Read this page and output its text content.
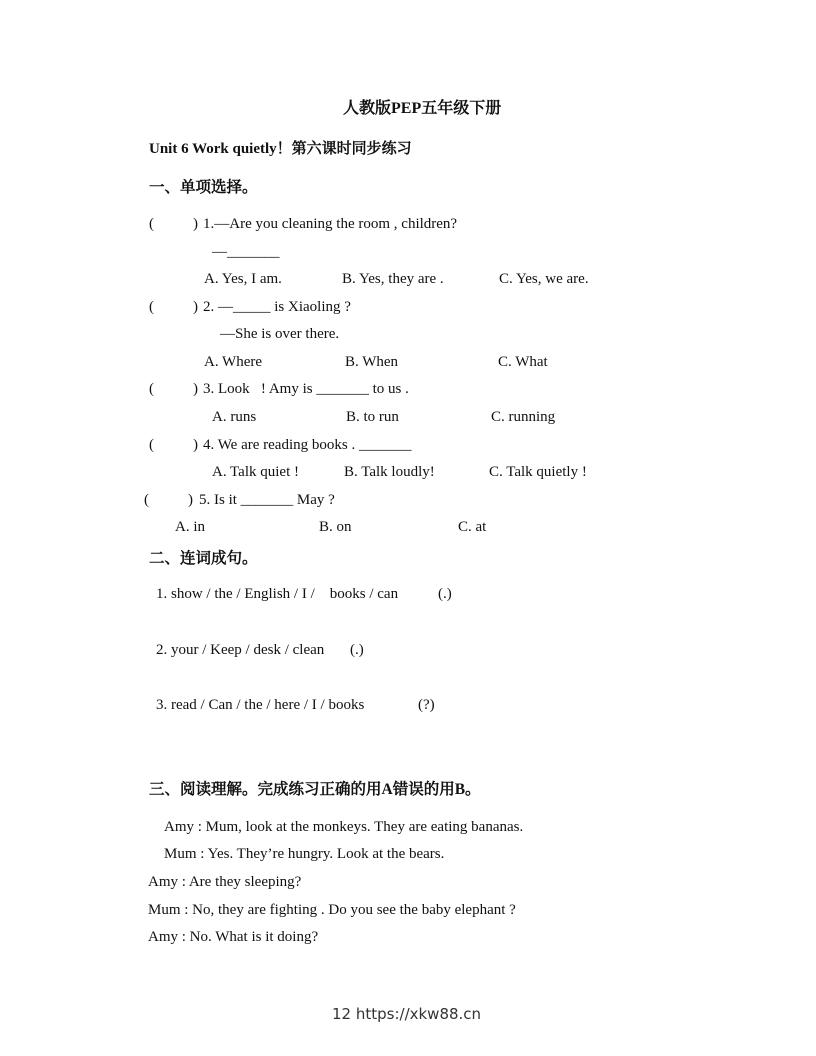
人教版PEP五年级下册
Unit 6 Work quietly！第六课时同步练习
一、单项选择。
(	) 1.—Are you cleaning the room , children?
—_______
A. Yes, I am.	B. Yes, they are .	C. Yes, we are.
(	) 2. —_____ is Xiaoling ?
—She is over there.
A. Where	B. When	C. What
(	) 3. Look   ! Amy is _______ to us .
A. runs	B. to run	C. running
(	) 4. We are reading books . _______
A. Talk quiet !	B. Talk loudly!	C. Talk quietly !
(	) 5. Is it _______ May ?
A. in	B. on	C. at
二、连词成句。
1. show / the / English / I /    books / can	(.)
2. your / Keep / desk / clean (.)
3. read / Can / the / here / I / books	(?)
三、阅读理解。完成练习正确的用A错误的用B。
Amy : Mum, look at the monkeys. They are eating bananas.
Mum : Yes. They’re hungry. Look at the bears.
Amy : Are they sleeping?
Mum : No, they are fighting . Do you see the baby elephant ?
Amy : No. What is it doing?
12 https://xkw88.cn
